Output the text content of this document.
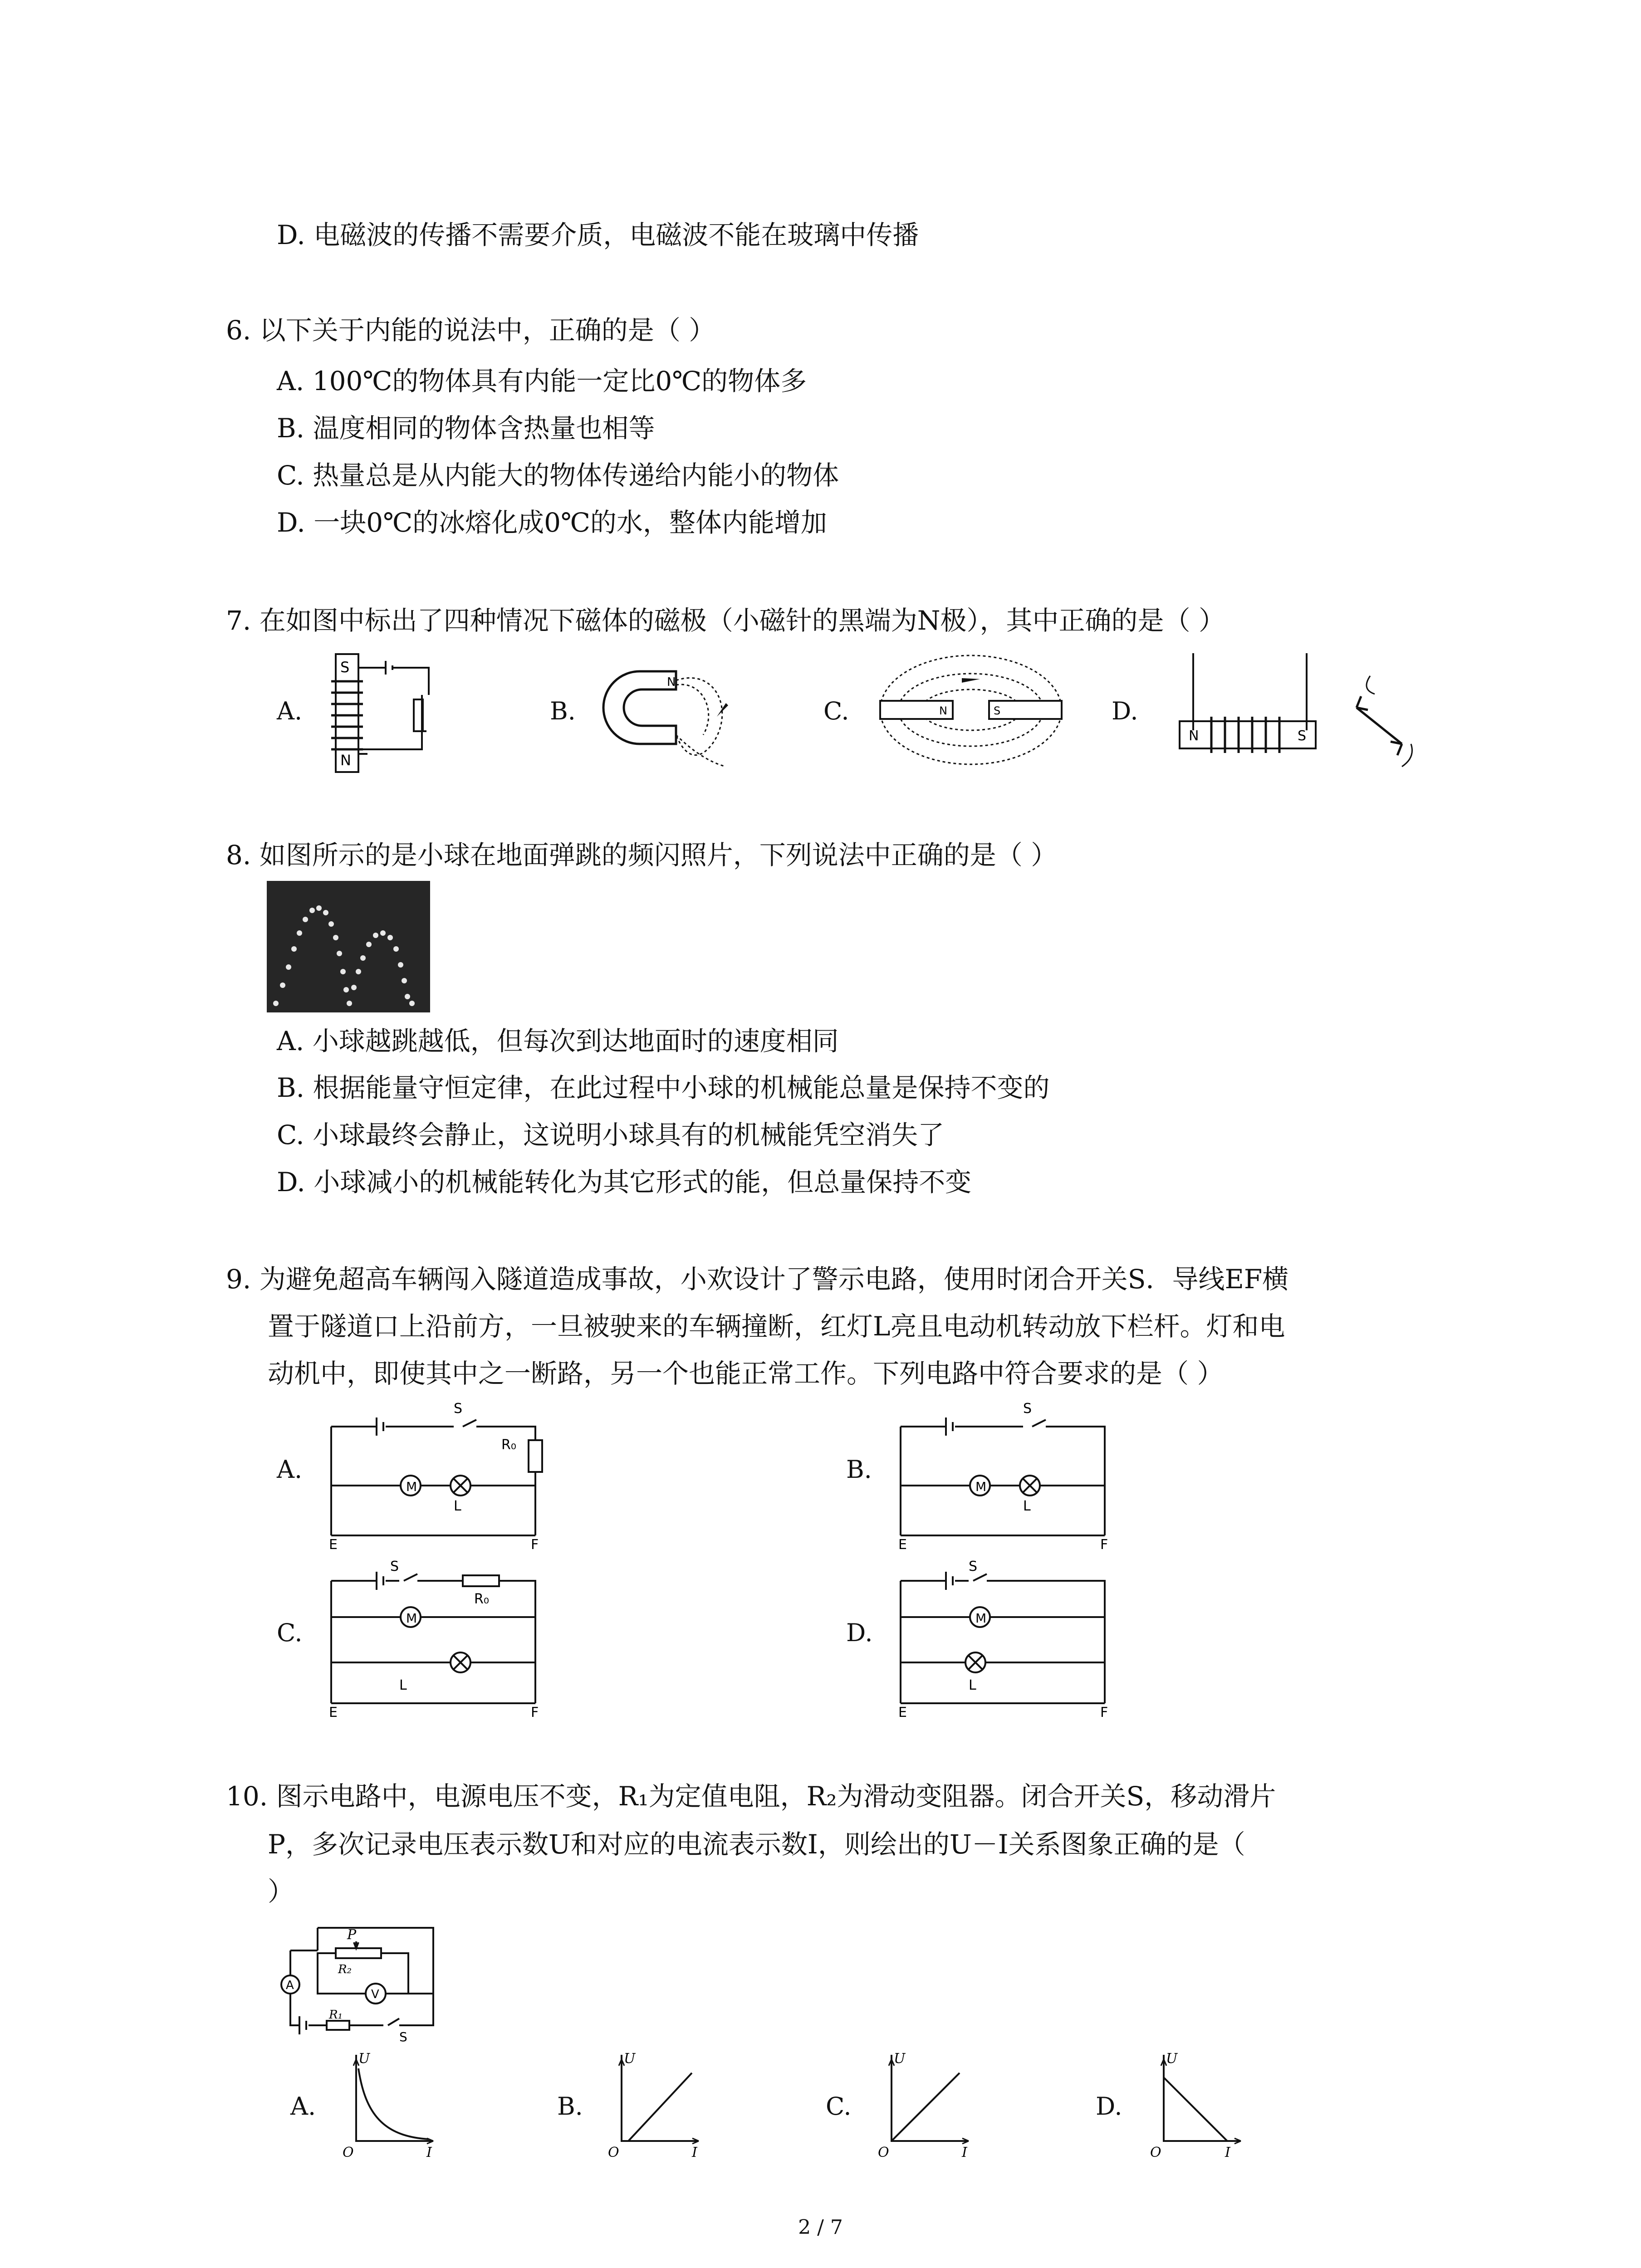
D. 电磁波的传播不需要介质，电磁波不能在玻璃中传播
6. 以下关于内能的说法中，正确的是（ ）
A. 100℃的物体具有内能一定比0℃的物体多
B. 温度相同的物体含热量也相等
C. 热量总是从内能大的物体传递给内能小的物体
D. 一块0℃的冰熔化成0℃的水，整体内能增加
7. 在如图中标出了四种情况下磁体的磁极（小磁针的黑端为N极），其中正确的是（ ）
A.	B.	C.	D.
S
N
N
N	S
N	S
8. 如图所示的是小球在地面弹跳的频闪照片，下列说法中正确的是（ ）
A. 小球越跳越低，但每次到达地面时的速度相同
B. 根据能量守恒定律，在此过程中小球的机械能总量是保持不变的
C. 小球最终会静止，这说明小球具有的机械能凭空消失了
D. 小球减小的机械能转化为其它形式的能，但总量保持不变
9. 为避免超高车辆闯入隧道造成事故，小欢设计了警示电路，使用时闭合开关S．导线EF横
置于隧道口上沿前方，一旦被驶来的车辆撞断，红灯L亮且电动机转动放下栏杆。灯和电
动机中，即使其中之一断路，另一个也能正常工作。下列电路中符合要求的是（ ）
A.	B.
C.	D.
M
S
R₀
L
E	F
M
S
L
E	F
M
S
R₀
L
E	F
M
S
L
E	F
10. 图示电路中，电源电压不变，R₁为定值电阻，R₂为滑动变阻器。闭合开关S，移动滑片
P，多次记录电压表示数U和对应的电流表示数I，则绘出的U－I关系图象正确的是（
）
P
R₂
A
V
R₁
S
A.	B.	C.	D.
U
I
O
U
I
O
U
I
O
U
I
O
2 / 7
